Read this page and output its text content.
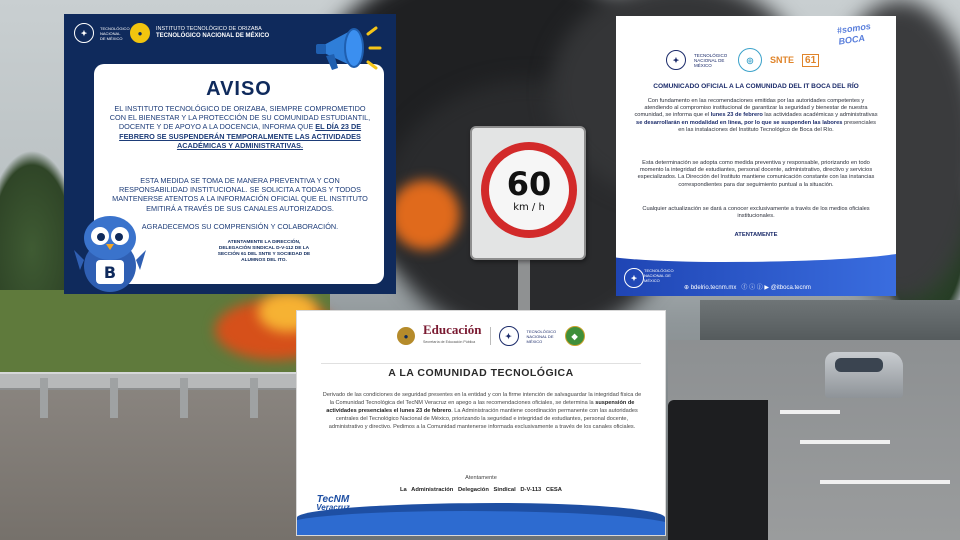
60
km / h
✦
TECNOLÓGICO NACIONAL DE MÉXICO
●	INSTITUTO TECNOLÓGICO DE ORIZABA
TECNOLÓGICO NACIONAL DE MÉXICO
AVISO
EL INSTITUTO TECNOLÓGICO DE ORIZABA, SIEMPRE COMPROMETIDO CON EL BIENESTAR Y LA PROTECCIÓN DE SU COMUNIDAD ESTUDIANTIL, DOCENTE Y DE APOYO A LA DOCENCIA, INFORMA QUE EL DÍA 23 DE FEBRERO SE SUSPENDERÁN TEMPORALMENTE LAS ACTIVIDADES ACADÉMICAS Y ADMINISTRATIVAS.
ESTA MEDIDA SE TOMA DE MANERA PREVENTIVA Y CON RESPONSABILIDAD INSTITUCIONAL. SE SOLICITA A TODAS Y TODOS MANTENERSE ATENTOS A LA INFORMACIÓN OFICIAL QUE EL INSTITUTO EMITIRÁ A TRAVÉS DE SUS CANALES AUTORIZADOS.
AGRADECEMOS SU COMPRENSIÓN Y COLABORACIÓN.
ATENTAMENTE LA DIRECCIÓN, DELEGACIÓN SINDICAL D-V-112 DE LA SECCIÓN 61 DEL SNTE Y SOCIEDAD DE ALUMNOS DEL ITO.
B
#somos BOCA
✦
TECNOLÓGICO NACIONAL DE MÉXICO
◎	SNTE	61
COMUNICADO OFICIAL A LA COMUNIDAD DEL IT BOCA DEL RÍO
Con fundamento en las recomendaciones emitidas por las autoridades competentes y atendiendo al compromiso institucional de garantizar la seguridad y bienestar de nuestra comunidad, se informa que el lunes 23 de febrero las actividades académicas y administrativas se desarrollarán en modalidad en línea, por lo que se suspenden las labores presenciales en las instalaciones del Instituto Tecnológico de Boca del Río.
Esta determinación se adopta como medida preventiva y responsable, priorizando en todo momento la integridad de estudiantes, personal docente, administrativo, directivo y servicios especializados. La Dirección del Instituto mantiene comunicación constante con las instancias correspondientes para dar seguimiento puntual a la situación.
Cualquier actualización se dará a conocer exclusivamente a través de los medios oficiales institucionales.
ATENTAMENTE
✦
TECNOLÓGICO NACIONAL DE MÉXICO
⊕ bdelrio.tecnm.mx ⓕ ⓘ ⓙ ▶ @itboca.tecnm
●	Educación
Secretaría de Educación Pública
✦
TECNOLÓGICO NACIONAL DE MÉXICO
◆
A LA COMUNIDAD TECNOLÓGICA
Derivado de las condiciones de seguridad presentes en la entidad y con la firme intención de salvaguardar la integridad física de la Comunidad Tecnológica del TecNM Veracruz en apego a las recomendaciones oficiales, se determina la suspensión de actividades presenciales el lunes 23 de febrero. La Administración mantiene coordinación permanente con las autoridades centrales del Tecnológico Nacional de México, priorizando la seguridad e integridad de estudiantes, personal docente, administrativo y directivo. Pedimos a la Comunidad mantenerse informada exclusivamente a través de los canales oficiales.
Atentamente
La Administración Delegación Sindical D-V-113 CESA
TecNM
Veracruz
